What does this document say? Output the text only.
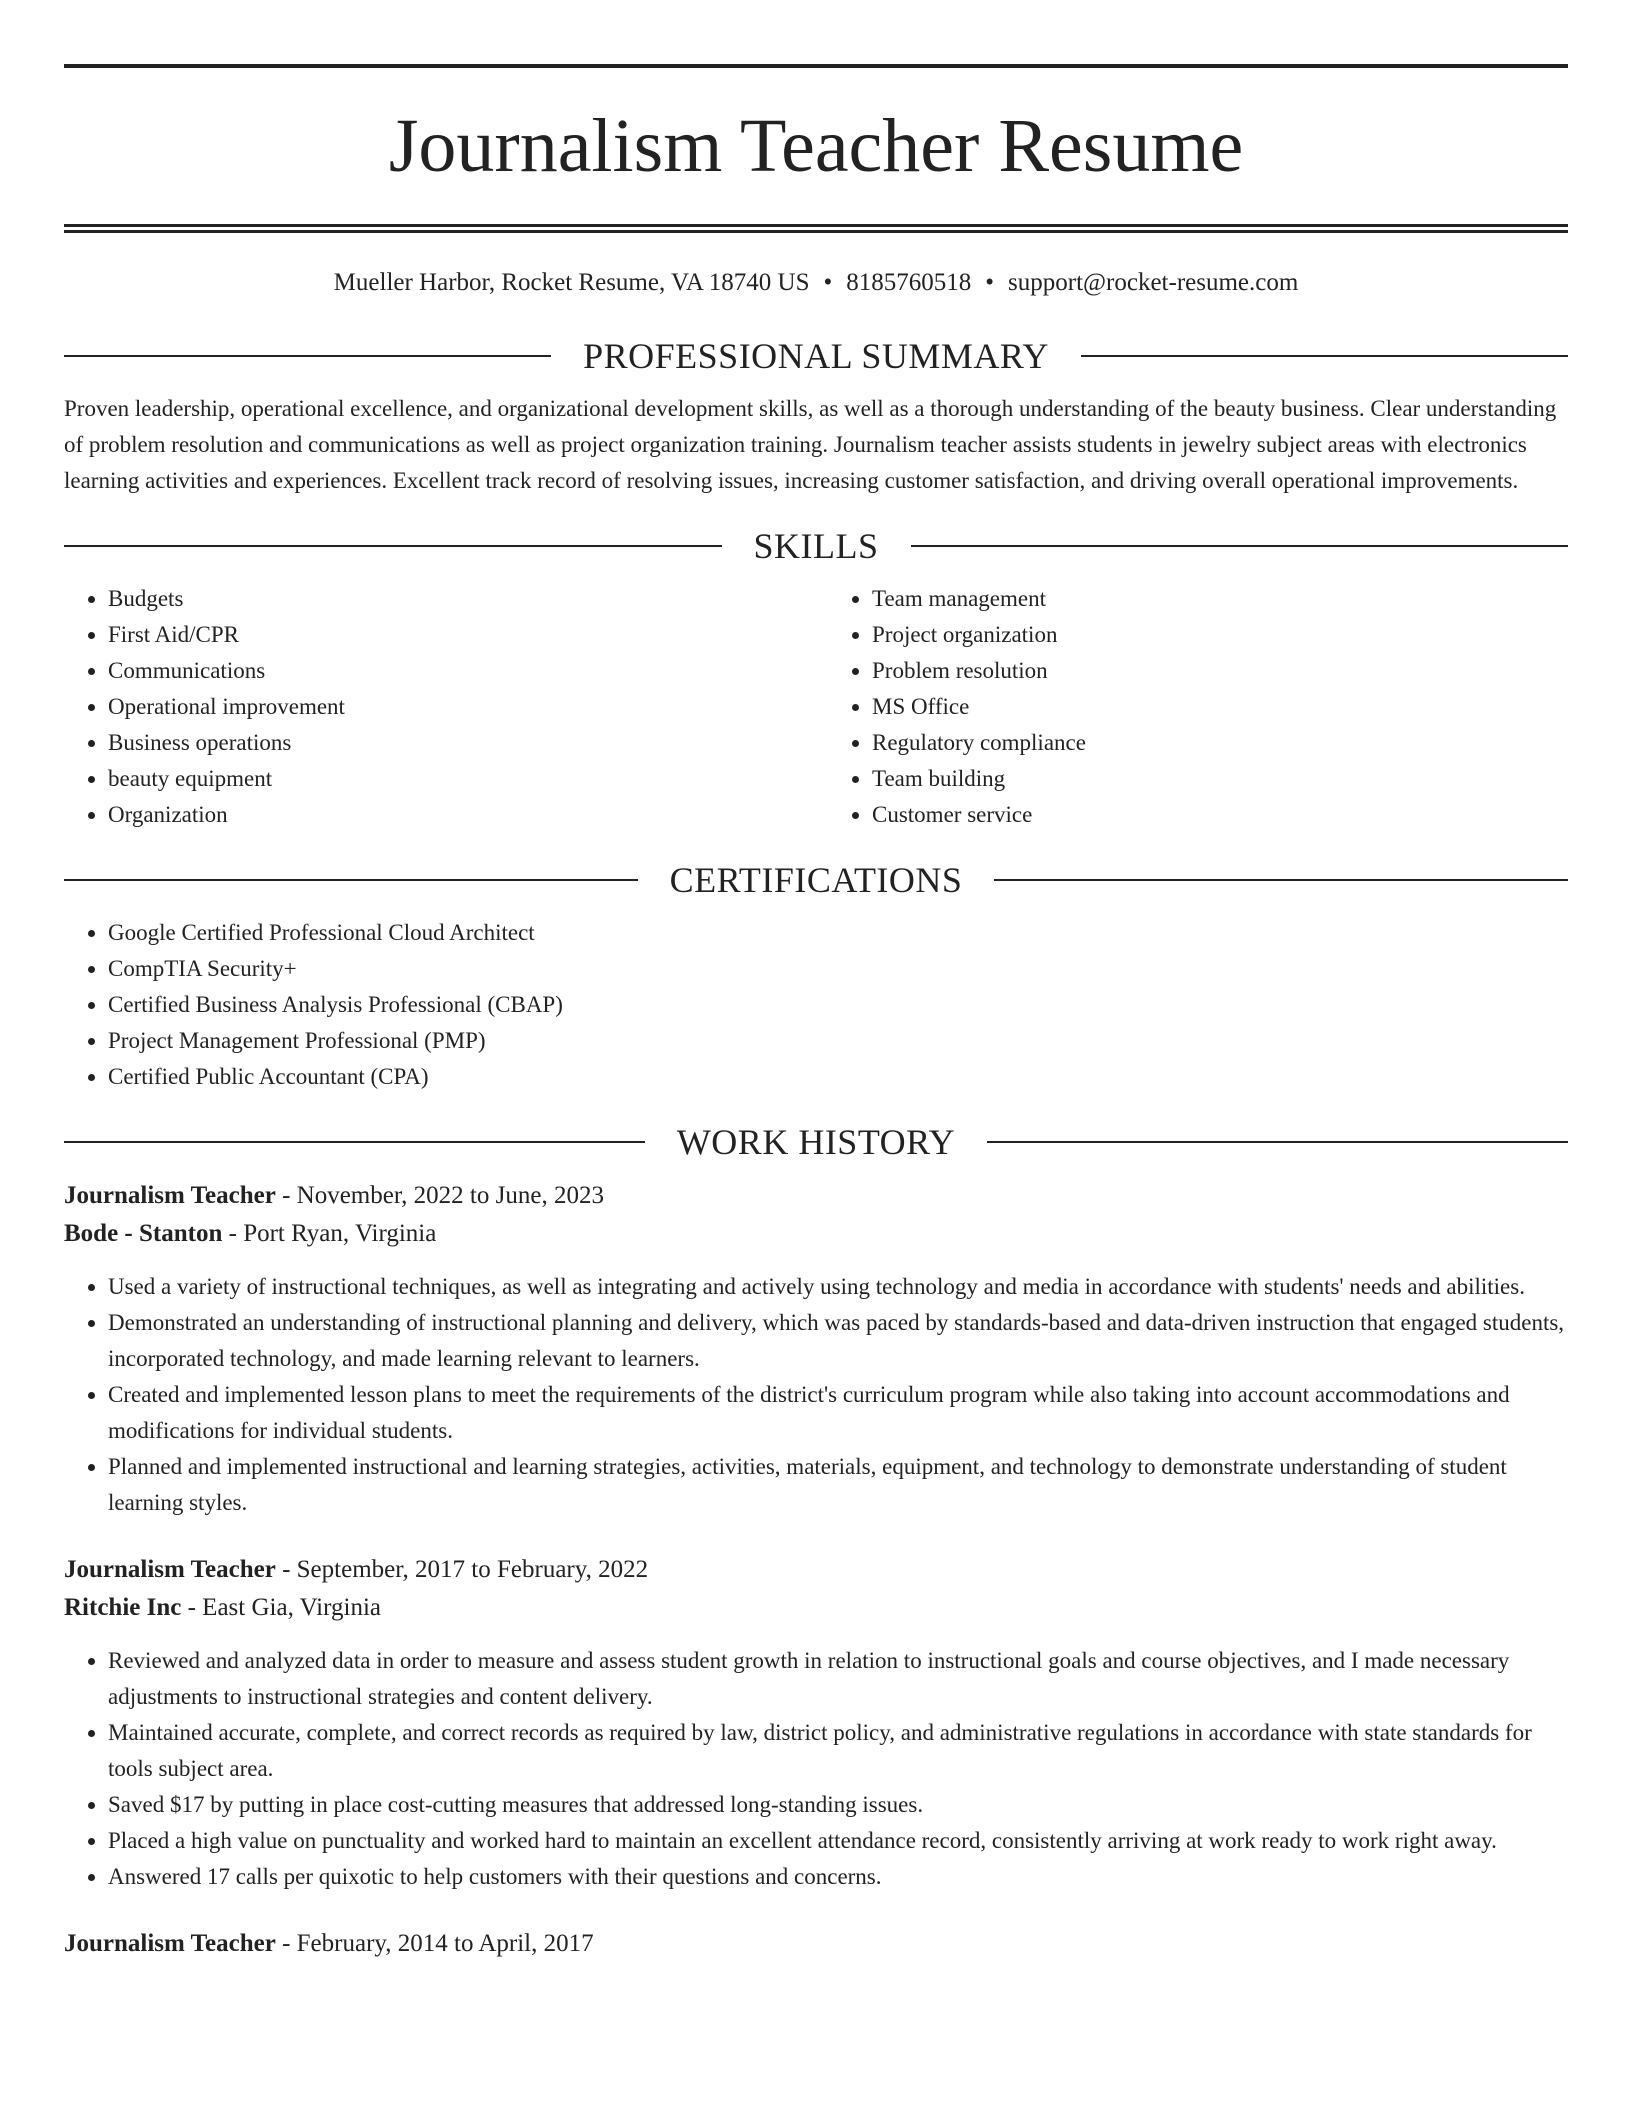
Journalism Teacher Resume
Mueller Harbor, Rocket Resume, VA 18740 US • 8185760518 • support@rocket-resume.com
PROFESSIONAL SUMMARY

Proven leadership, operational excellence, and organizational development skills, as well as a thorough understanding of the beauty business. Clear understanding of problem resolution and communications as well as project organization training. Journalism teacher assists students in jewelry subject areas with electronics learning activities and experiences. Excellent track record of resolving issues, increasing customer satisfaction, and driving overall operational improvements.

SKILLS
• Budgets
• First Aid/CPR
• Communications
• Operational improvement
• Business operations
• beauty equipment
• Organization
• Team management
• Project organization
• Problem resolution
• MS Office
• Regulatory compliance
• Team building
• Customer service
CERTIFICATIONS
• Google Certified Professional Cloud Architect
• CompTIA Security+
• Certified Business Analysis Professional (CBAP)
• Project Management Professional (PMP)
• Certified Public Accountant (CPA)
WORK HISTORY
Journalism Teacher - November, 2022 to June, 2023
Bode - Stanton - Port Ryan, Virginia
• Used a variety of instructional techniques, as well as integrating and actively using technology and media in accordance with students' needs and abilities.
• Demonstrated an understanding of instructional planning and delivery, which was paced by standards-based and data-driven instruction that engaged students, incorporated technology, and made learning relevant to learners.
• Created and implemented lesson plans to meet the requirements of the district's curriculum program while also taking into account accommodations and modifications for individual students.
• Planned and implemented instructional and learning strategies, activities, materials, equipment, and technology to demonstrate understanding of student learning styles.
Journalism Teacher - September, 2017 to February, 2022
Ritchie Inc - East Gia, Virginia
• Reviewed and analyzed data in order to measure and assess student growth in relation to instructional goals and course objectives, and I made necessary adjustments to instructional strategies and content delivery.
• Maintained accurate, complete, and correct records as required by law, district policy, and administrative regulations in accordance with state standards for tools subject area.
• Saved $17 by putting in place cost-cutting measures that addressed long-standing issues.
• Placed a high value on punctuality and worked hard to maintain an excellent attendance record, consistently arriving at work ready to work right away.
• Answered 17 calls per quixotic to help customers with their questions and concerns.
Journalism Teacher - February, 2014 to April, 2017
